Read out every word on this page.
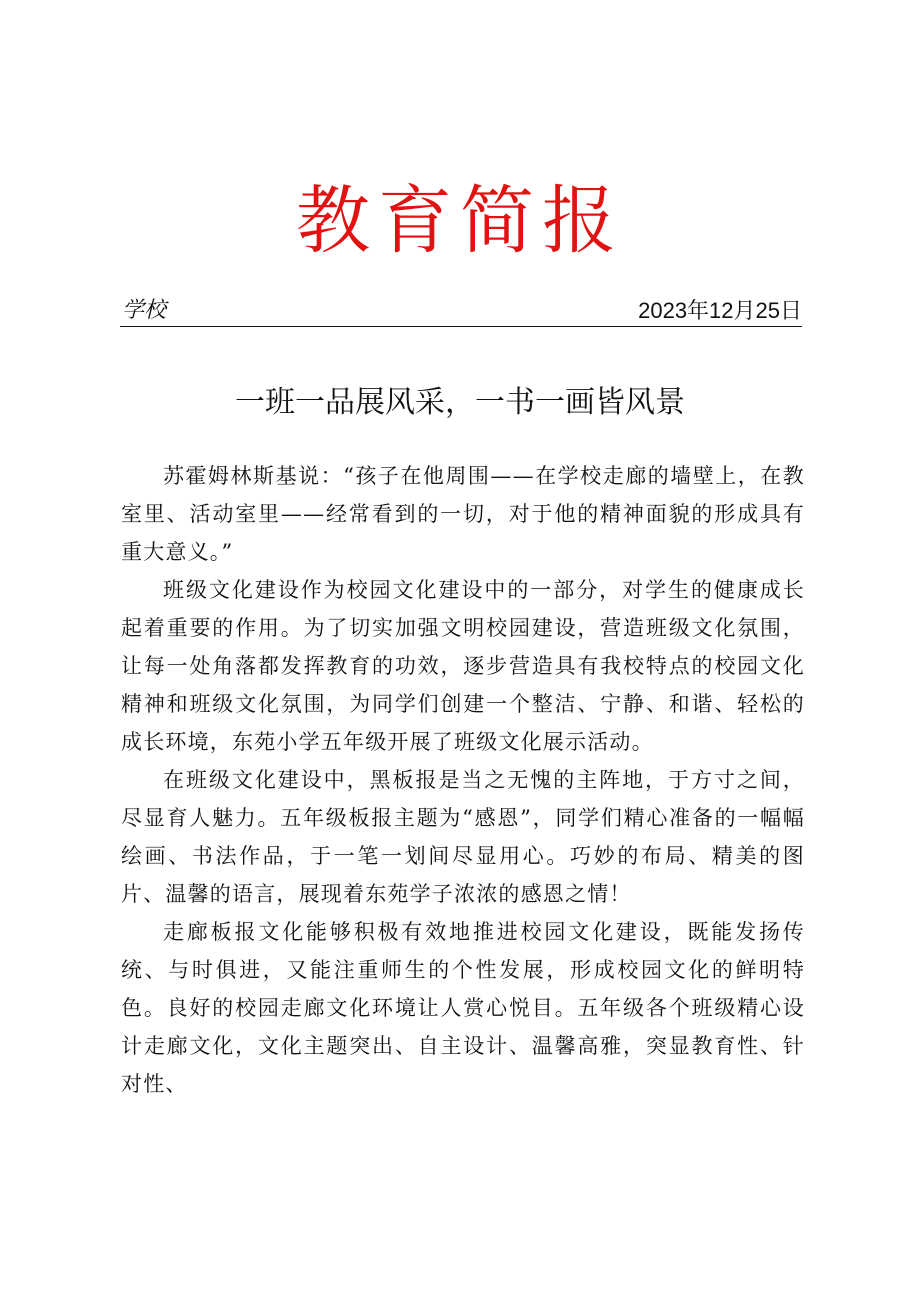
教育简报
学校	2023年12月25日
一班一品展风采，一书一画皆风景

苏霍姆林斯基说：“孩子在他周围——在学校走廊的墙壁上，在教室里、活动室里——经常看到的一切，对于他的精神面貌的形成具有重大意义。”

班级文化建设作为校园文化建设中的一部分，对学生的健康成长起着重要的作用。为了切实加强文明校园建设，营造班级文化氛围，让每一处角落都发挥教育的功效，逐步营造具有我校特点的校园文化精神和班级文化氛围，为同学们创建一个整洁、宁静、和谐、轻松的成长环境，东苑小学五年级开展了班级文化展示活动。

在班级文化建设中，黑板报是当之无愧的主阵地，于方寸之间，尽显育人魅力。五年级板报主题为“感恩”，同学们精心准备的一幅幅绘画、书法作品，于一笔一划间尽显用心。巧妙的布局、精美的图片、温馨的语言，展现着东苑学子浓浓的感恩之情！

走廊板报文化能够积极有效地推进校园文化建设，既能发扬传统、与时俱进，又能注重师生的个性发展，形成校园文化的鲜明特色。良好的校园走廊文化环境让人赏心悦目。五年级各个班级精心设计走廊文化，文化主题突出、自主设计、温馨高雅，突显教育性、针对性、
